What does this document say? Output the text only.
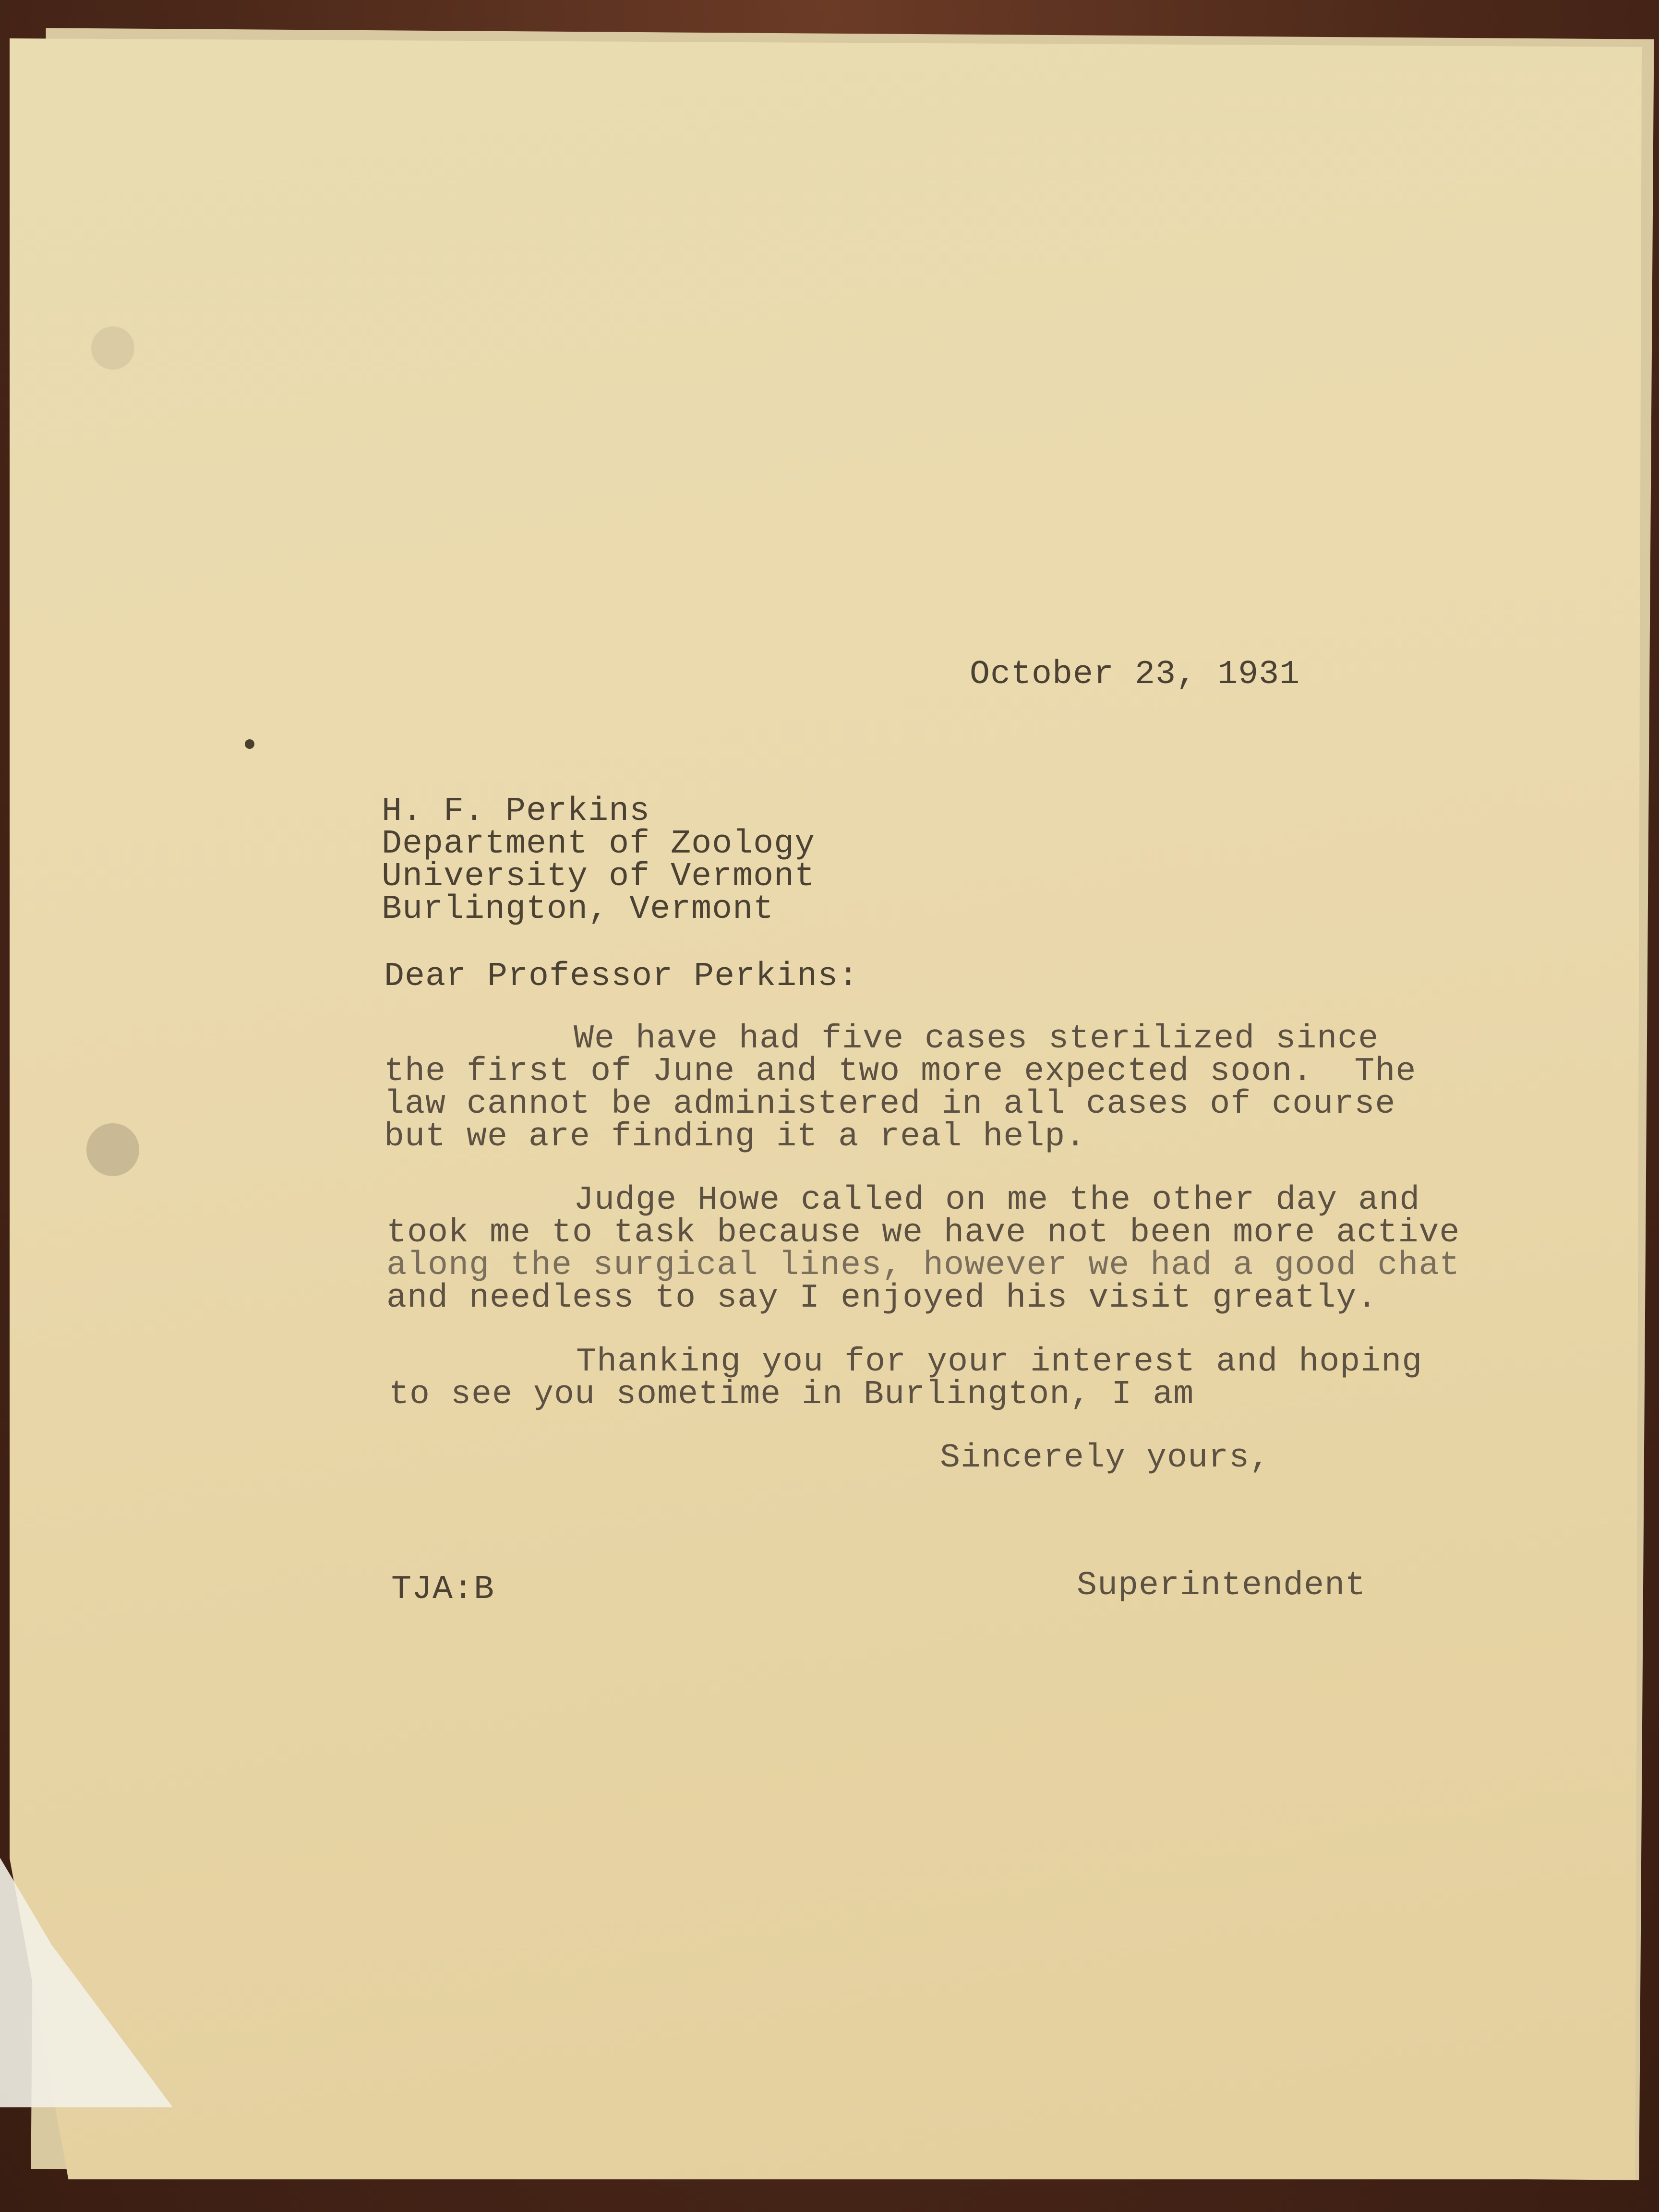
October 23, 1931
H. F. Perkins
Department of Zoology
University of Vermont
Burlington, Vermont
Dear Professor Perkins:
We have had five cases sterilized since
the first of June and two more expected soon.  The
law cannot be administered in all cases of course
but we are finding it a real help.
Judge Howe called on me the other day and
took me to task because we have not been more active
along the surgical lines, however we had a good chat
and needless to say I enjoyed his visit greatly.
Thanking you for your interest and hoping
to see you sometime in Burlington, I am
Sincerely yours,
TJA:B	Superintendent
